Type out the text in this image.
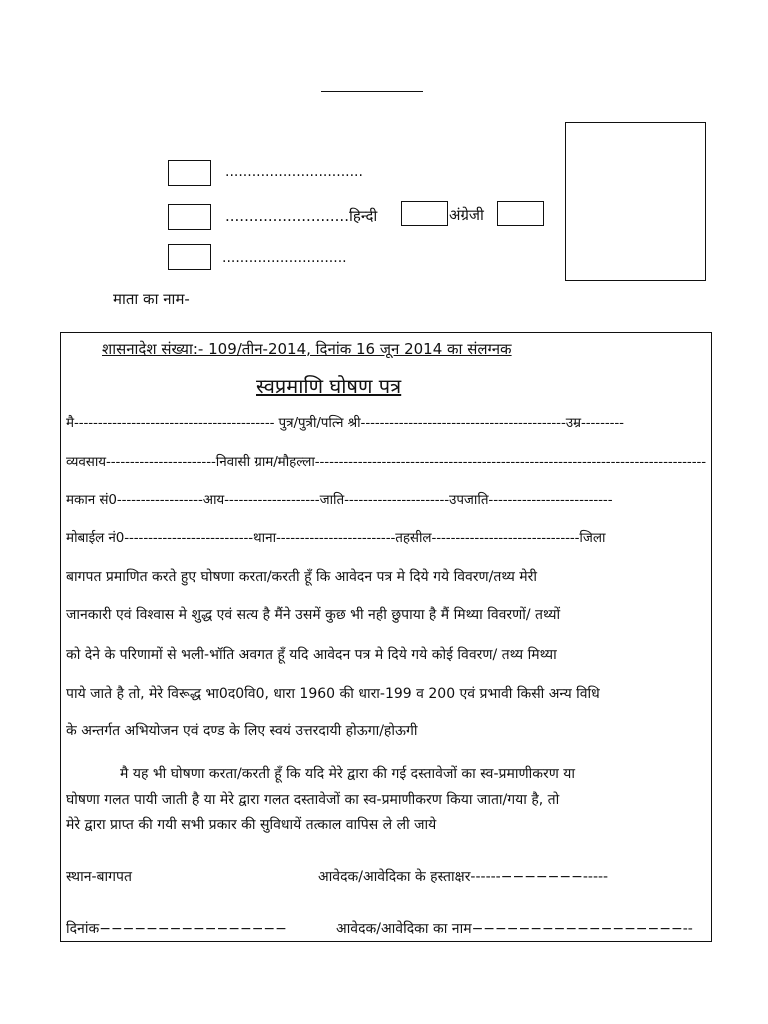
...............................
..........................हिन्दी	अंग्रेजी
............................
माता का नाम-
शासनादेश संख्या:- 109/तीन-2014, दिनांक 16 जून 2014 का संलग्नक
स्वप्रमाणि घोषण पत्र
मै------------------------------------------ पुत्र/पुत्री/पत्नि श्री-------------------------------------------उम्र---------
व्यवसाय-----------------------निवासी ग्राम/मौहल्ला----------------------------------------------------------------------------------
मकान सं0------------------आय--------------------जाति----------------------उपजाति--------------------------
मोबाईल नं0---------------------------थाना-------------------------तहसील-------------------------------जिला
बागपत प्रमाणित करते हुए घोषणा करता/करती हूँ कि आवेदन पत्र मे दिये गये विवरण/तथ्य मेरी
जानकारी एवं विश्वास मे शुद्ध एवं सत्य है मैंने उसमें कुछ भी नही छुपाया है मैं मिथ्या विवरणों/ तथ्यों
को देने के परिणामों से भली-भॉति अवगत हूँ यदि आवेदन पत्र मे दिये गये कोई विवरण/ तथ्य मिथ्या
पाये जाते है तो, मेरे विरूद्ध भा0द0वि0, धारा 1960 की धारा-199 व 200 एवं प्रभावी किसी अन्य विधि
के अन्तर्गत अभियोजन एवं दण्ड के लिए स्वयं उत्तरदायी होऊगा/होऊगी
मै यह भी घोषणा करता/करती हूँ कि यदि मेरे द्वारा की गई दस्तावेजों का स्व-प्रमाणीकरण या
घोषणा गलत पायी जाती है या मेरे द्वारा गलत दस्तावेजों का स्व-प्रमाणीकरण किया जाता/गया है, तो
मेरे द्वारा प्राप्त की गयी सभी प्रकार की सुविधायें तत्काल वापिस ले ली जाये
स्थान-बागपत	आवेदक/आवेदिका के हस्ताक्षर------−−−−−−−-----
दिनांक−−−−−−−−−−−−−−−−	आवेदक/आवेदिका का नाम−−−−−−−−−−−−−−−−−−--
